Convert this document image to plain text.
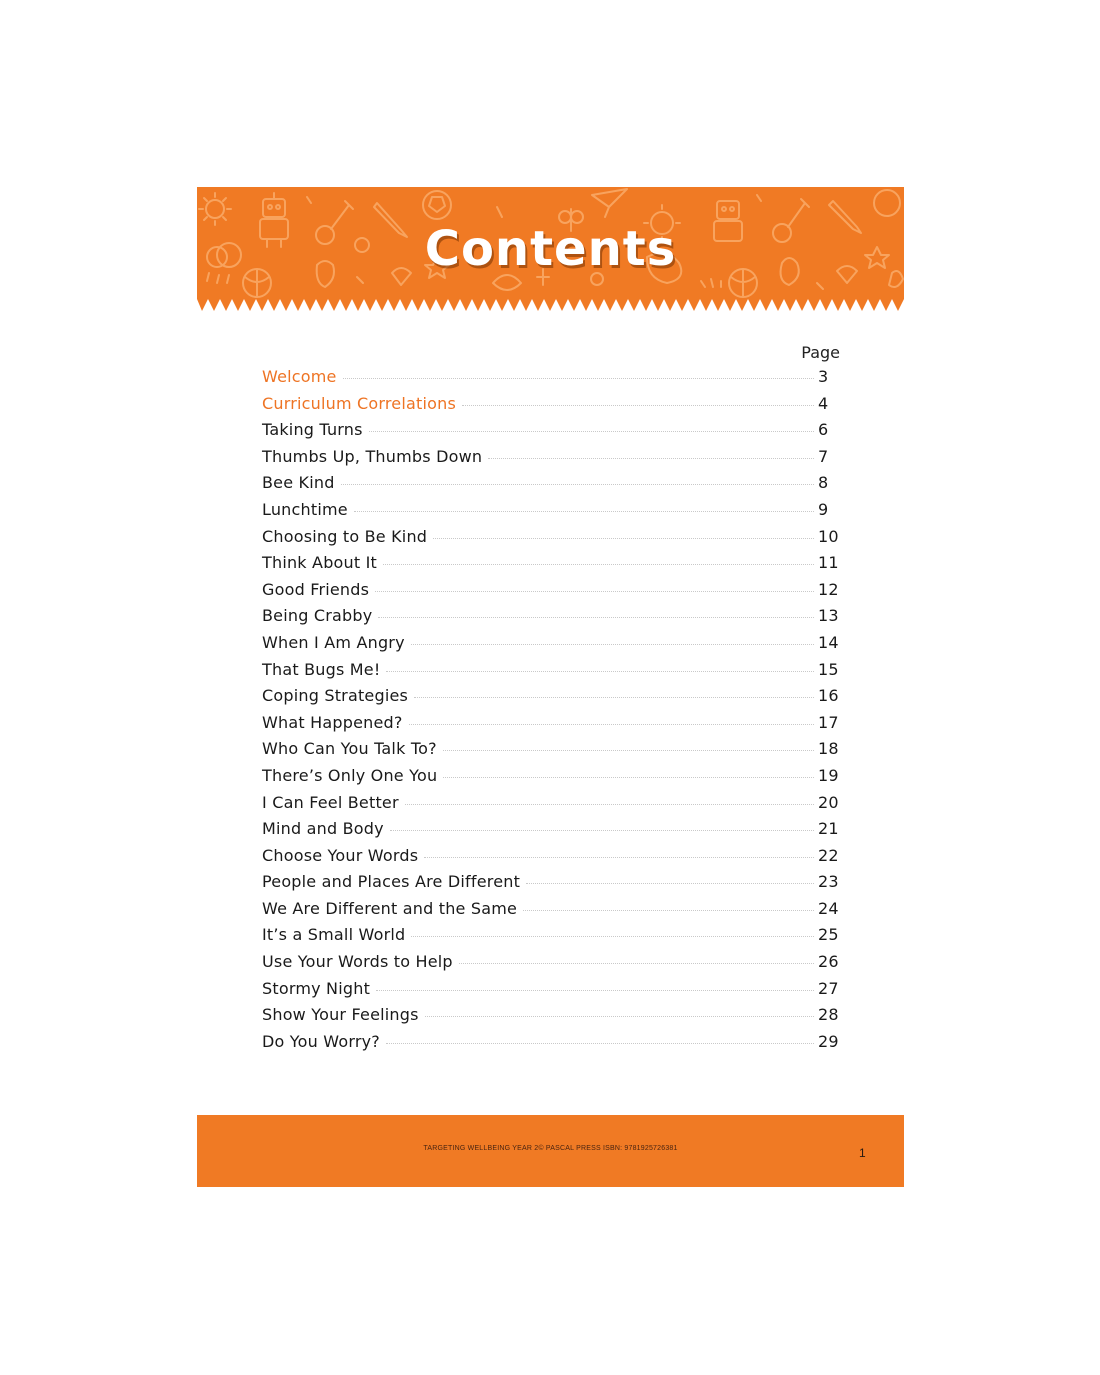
Contents
Page
Welcome	3
Curriculum Correlations	4
Taking Turns	6
Thumbs Up, Thumbs Down	7
Bee Kind	8
Lunchtime	9
Choosing to Be Kind	10
Think About It	11
Good Friends	12
Being Crabby	13
When I Am Angry	14
That Bugs Me!	15
Coping Strategies	16
What Happened?	17
Who Can You Talk To?	18
There’s Only One You	19
I Can Feel Better	20
Mind and Body	21
Choose Your Words	22
People and Places Are Different	23
We Are Different and the Same	24
It’s a Small World	25
Use Your Words to Help	26
Stormy Night	27
Show Your Feelings	28
Do You Worry?	29
TARGETING WELLBEING YEAR 2© PASCAL PRESS ISBN: 9781925726381	1
